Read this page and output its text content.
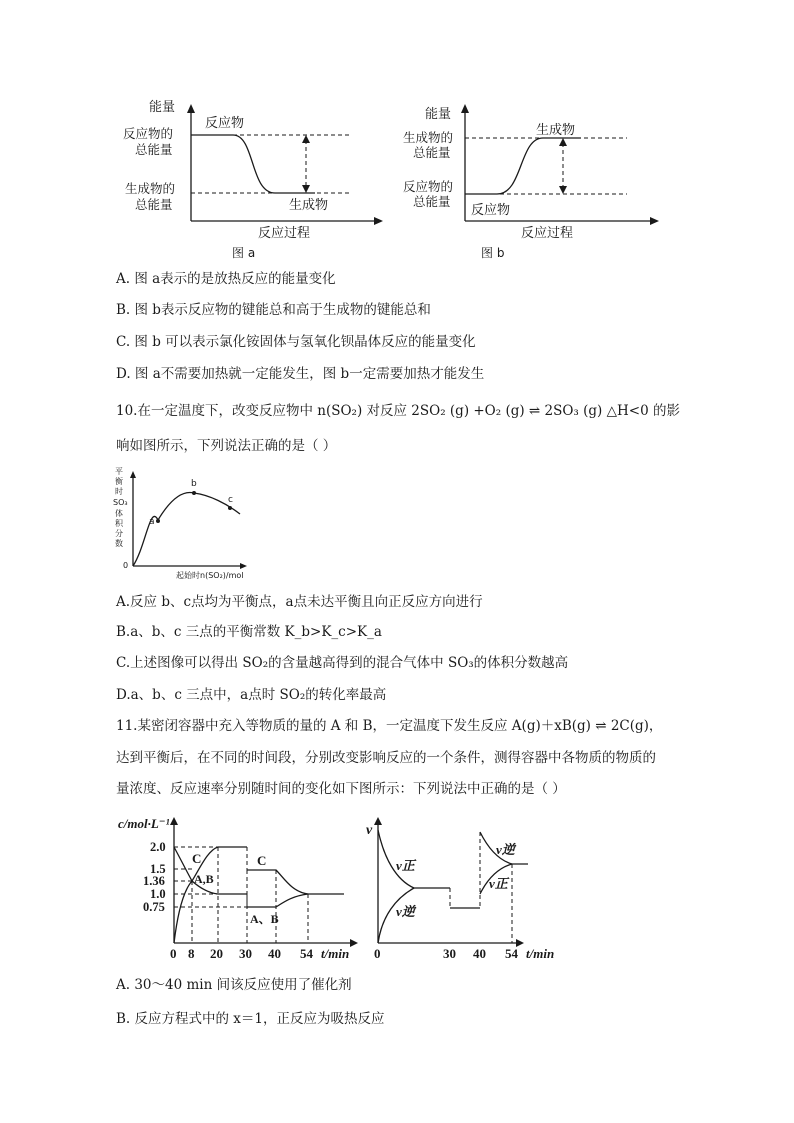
能量
反应物的
总能量
生成物的
总能量
反应物
生成物
反应过程
图 a
能量
生成物的
总能量
反应物的
总能量
生成物
反应物
反应过程
图 b
A. 图 a表示的是放热反应的能量变化
B. 图 b表示反应物的键能总和高于生成物的键能总和
C. 图 b 可以表示氯化铵固体与氢氧化钡晶体反应的能量变化
D. 图 a不需要加热就一定能发生，图 b一定需要加热才能发生
10.在一定温度下，改变反应物中 n(SO₂) 对反应 2SO₂ (g) +O₂ (g) ⇌ 2SO₃ (g) △H<0 的影
响如图所示，下列说法正确的是（ ）
平
衡
时
SO₃
体
积
分
数
0
a
b
c
起始时n(SO₂)/mol
A.反应 b、c点均为平衡点，a点未达平衡且向正反应方向进行
B.a、b、c 三点的平衡常数 K_b>K_c>K_a
C.上述图像可以得出 SO₂的含量越高得到的混合气体中 SO₃的体积分数越高
D.a、b、c 三点中，a点时 SO₂的转化率最高
11.某密闭容器中充入等物质的量的 A 和 B，一定温度下发生反应 A(g)＋xB(g) ⇌ 2C(g)，
达到平衡后，在不同的时间段，分别改变影响反应的一个条件，测得容器中各物质的物质的
量浓度、反应速率分别随时间的变化如下图所示：下列说法中正确的是（ ）
c/mol·L⁻¹
2.0
1.5
1.36
1.0
0.75
C
A,B
C
A、B
0 8 20 30 40 54 t/min
v
v正
v逆
v逆
v正
0	30 40 54 t/min
A. 30～40 min 间该反应使用了催化剂
B. 反应方程式中的 x＝1，正反应为吸热反应
